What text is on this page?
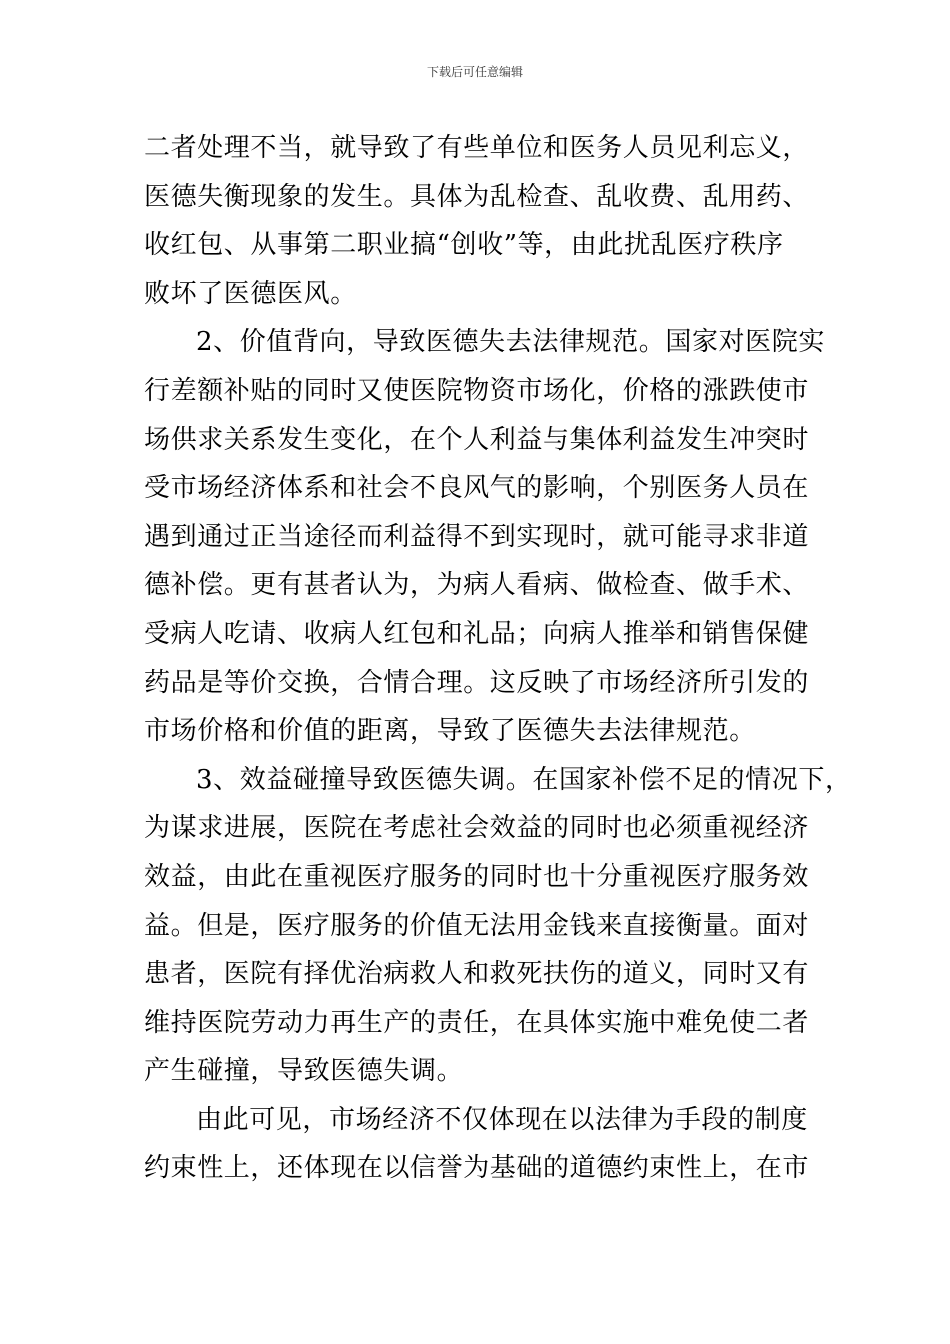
下载后可任意编辑
二者处理不当，就导致了有些单位和医务人员见利忘义，
医德失衡现象的发生。具体为乱检查、乱收费、乱用药、
收红包、从事第二职业搞“创收”等，由此扰乱医疗秩序
败坏了医德医风。
2、价值背向，导致医德失去法律规范。国家对医院实
行差额补贴的同时又使医院物资市场化，价格的涨跌使市
场供求关系发生变化，在个人利益与集体利益发生冲突时
受市场经济体系和社会不良风气的影响，个别医务人员在
遇到通过正当途径而利益得不到实现时，就可能寻求非道
德补偿。更有甚者认为，为病人看病、做检查、做手术、
受病人吃请、收病人红包和礼品；向病人推举和销售保健
药品是等价交换，合情合理。这反映了市场经济所引发的
市场价格和价值的距离，导致了医德失去法律规范。
3、效益碰撞导致医德失调。在国家补偿不足的情况下，
为谋求进展，医院在考虑社会效益的同时也必须重视经济
效益，由此在重视医疗服务的同时也十分重视医疗服务效
益。但是，医疗服务的价值无法用金钱来直接衡量。面对
患者，医院有择优治病救人和救死扶伤的道义，同时又有
维持医院劳动力再生产的责任，在具体实施中难免使二者
产生碰撞，导致医德失调。
由此可见，市场经济不仅体现在以法律为手段的制度
约束性上，还体现在以信誉为基础的道德约束性上，在市
